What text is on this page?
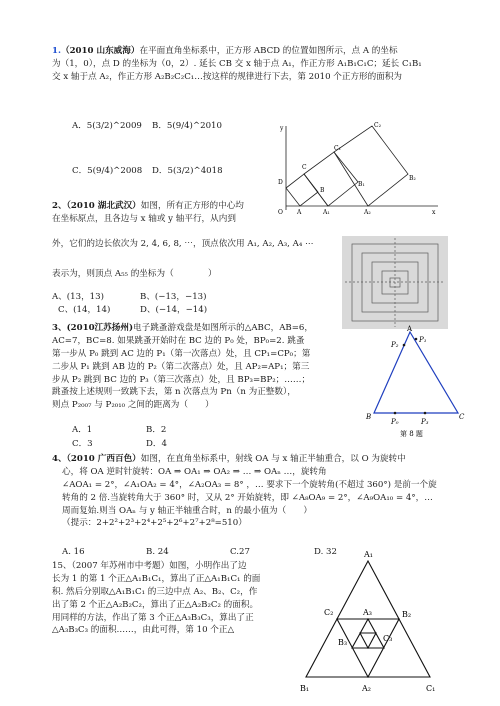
1.（2010 山东威海）在平面直角坐标系中，正方形 ABCD 的位置如图所示，点 A 的坐标
为（1，0），点 D 的坐标为（0，2）. 延长 CB 交 x 轴于点 A₁，作正方形 A₁B₁C₁C；延长 C₁B₁
交 x 轴于点 A₂，作正方形 A₂B₂C₂C₁…按这样的规律进行下去，第 2010 个正方形的面积为
A．5(3/2)^2009 B．5(9/4)^2010
C．5(9/4)^2008 D．5(3/2)^4018
y	C₂
C₁
C
D
B
B₁
B₂
O A	A₁	A₂	x
2、（2010 湖北武汉）如图，所有正方形的中心均
在坐标原点，且各边与 x 轴或 y 轴平行，从内到
外，它们的边长依次为 2, 4, 6, 8, ⋯，顶点依次用 A₁, A₂, A₃, A₄ ⋯
表示为，则顶点 A₅₅ 的坐标为（　　　　）
A、(13，13)	B、(−13，−13)
C、(14，14)	D、(−14，−14)
3、(2010江苏扬州)电子跳蚤游戏盘是如图所示的△ABC，AB=6，
AC=7，BC=8. 如果跳蚤开始时在 BC 边的 P₀ 处，BP₀=2. 跳蚤
第一步从 P₀ 跳到 AC 边的 P₁（第一次落点）处，且 CP₁=CP₀；第
二步从 P₁ 跳到 AB 边的 P₂（第二次落点）处，且 AP₂=AP₁；第三
步从 P₂ 跳到 BC 边的 P₃（第三次落点）处，且 BP₃=BP₂；……；
跳蚤按上述规则一致跳下去，第 n 次落点为 Pn（n 为正整数），
则点 P₂₀₀₇ 与 P₂₀₁₀ 之间的距离为（　　）
A．1	B．2
C．3	D．4
A
P₂
P₁
B
P₀	P₃
C
第 8 题
4、（2010 广西百色）如图，在直角坐标系中，射线 OA 与 x 轴正半轴重合，以 O 为旋转中
心，将 OA 逆时针旋转：OA ⇒ OA₁ ⇒ OA₂ ⇒ … ⇒ OAₙ …，旋转角
∠AOA₁ = 2°，∠A₁OA₂ = 4°，∠A₂OA₃ = 8° ，… 要求下一个旋转角(不超过 360°) 是前一个旋
转角的 2 倍.当旋转角大于 360° 时，又从 2° 开始旋转，即 ∠A₈OA₉ = 2°，∠A₉OA₁₀ = 4°，…
周而复始.则当 OAₙ 与 y 轴正半轴重合时，n 的最小值为（　　）
（提示：2+2²+2³+2⁴+2⁵+2⁶+2⁷+2⁸=510）
A. 16	B. 24	C.27	D. 32
15、（2007 年苏州市中考题）如图，小明作出了边
长为 1 的第 1 个正△A₁B₁C₁，算出了正△A₁B₁C₁ 的面
积. 然后分别取△A₁B₁C₁ 的三边中点 A₂、B₂、C₂，作
出了第 2 个正△A₂B₂C₂，算出了正△A₂B₂C₂ 的面积。
用同样的方法，作出了第 3 个正△A₃B₃C₃，算出了正
△A₃B₃C₃ 的面积……，由此可得，第 10 个正△
A₁
A₃
C₂	B₂
B₃	C₃
B₁	A₂	C₁
